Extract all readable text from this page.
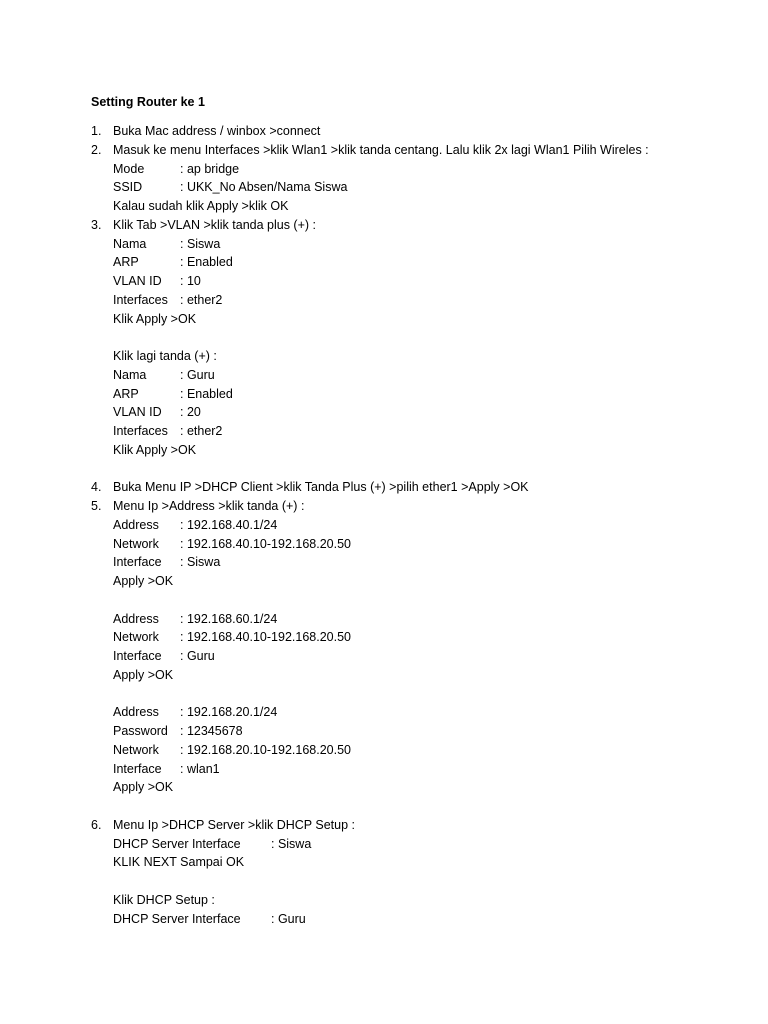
Setting Router ke 1
1. Buka Mac address / winbox >connect
2. Masuk ke menu Interfaces >klik Wlan1 >klik tanda centang. Lalu klik 2x lagi Wlan1 Pilih Wireles :
Mode	: ap bridge
SSID	: UKK_No Absen/Nama Siswa
Kalau sudah klik Apply >klik OK
3. Klik Tab >VLAN >klik tanda plus (+) :
Nama	: Siswa
ARP	: Enabled
VLAN ID : 10
Interfaces : ether2
Klik Apply >OK
Klik lagi tanda (+) :
Nama	: Guru
ARP	: Enabled
VLAN ID : 20
Interfaces : ether2
Klik Apply >OK
4. Buka Menu IP >DHCP Client >klik Tanda Plus (+) >pilih ether1 >Apply >OK
5. Menu Ip >Address >klik tanda (+) :
Address : 192.168.40.1/24
Network : 192.168.40.10-192.168.20.50
Interface : Siswa
Apply >OK
Address : 192.168.60.1/24
Network : 192.168.40.10-192.168.20.50
Interface : Guru
Apply >OK
Address : 192.168.20.1/24
Password : 12345678
Network : 192.168.20.10-192.168.20.50
Interface : wlan1
Apply >OK
6. Menu Ip >DHCP Server >klik DHCP Setup :
DHCP Server Interface : Siswa
KLIK NEXT Sampai OK
Klik DHCP Setup :
DHCP Server Interface : Guru
